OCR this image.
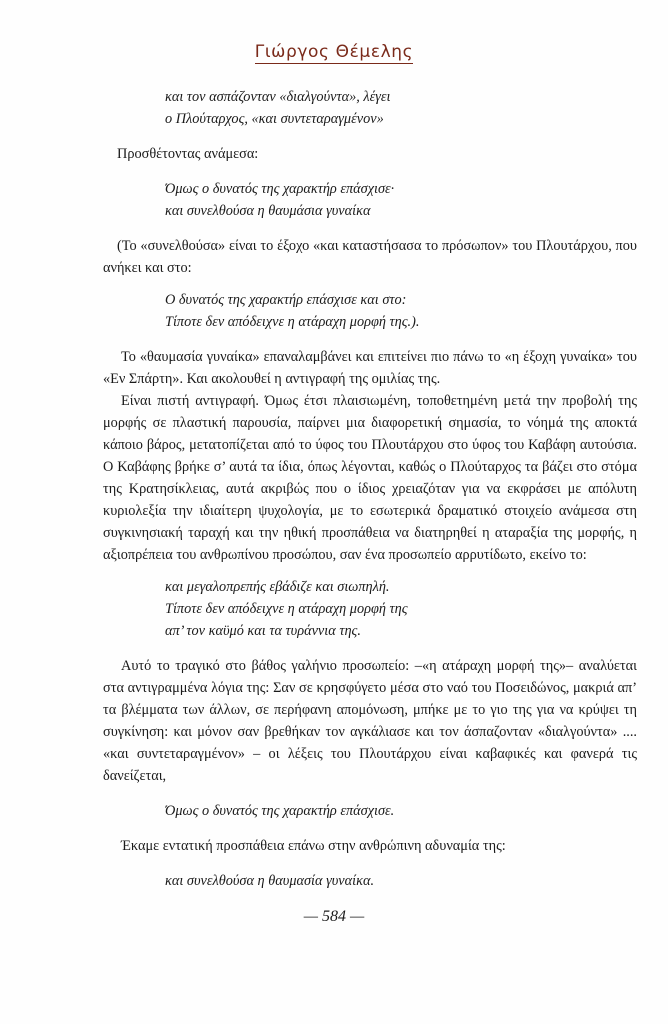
Γιώργος Θέμελης

και τον ασπάζονταν «διαλγούντα», λέγει

ο Πλούταρχος, «και συντεταραγμένον»

Προσθέτοντας ανάμεσα:

Όμως ο δυνατός της χαρακτήρ επάσχισε·

και συνελθούσα η θαυμάσια γυναίκα

(Το «συνελθούσα» είναι το έξοχο «και καταστήσασα το πρόσωπον» του Πλουτάρχου, που ανήκει και στο:

Ο δυνατός της χαρακτήρ επάσχισε και στο:

Τίποτε δεν απόδειχνε η ατάραχη μορφή της.).

Το «θαυμασία γυναίκα» επαναλαμβάνει και επιτείνει πιο πάνω το «η έξοχη γυναίκα» του «Εν Σπάρτη». Και ακολουθεί η αντιγραφή της ομιλίας της.

Είναι πιστή αντιγραφή. Όμως έτσι πλαισιωμένη, τοποθετημένη μετά την προβολή της μορφής σε πλαστική παρουσία, παίρνει μια διαφορετική σημασία, το νόημά της αποκτά κάποιο βάρος, μετατοπίζεται από το ύφος του Πλουτάρχου στο ύφος του Καβάφη αυτούσια. Ο Καβάφης βρήκε σ’ αυτά τα ίδια, όπως λέγονται, καθώς ο Πλούταρχος τα βάζει στο στόμα της Κρατησίκλειας, αυτά ακριβώς που ο ίδιος χρειαζόταν για να εκφράσει με απόλυτη κυριολεξία την ιδιαίτερη ψυχολογία, με το εσωτερικά δραματικό στοιχείο ανάμεσα στη συγκινησιακή ταραχή και την ηθική προσπάθεια να διατηρηθεί η αταραξία της μορφής, η αξιοπρέπεια του ανθρωπίνου προσώπου, σαν ένα προσωπείο αρρυτίδωτο, εκείνο το:

και μεγαλοπρεπής εβάδιζε και σιωπηλή.

Τίποτε δεν απόδειχνε η ατάραχη μορφή της

απ’ τον καϋμό και τα τυράννια της.

Αυτό το τραγικό στο βάθος γαλήνιο προσωπείο: –«η ατάραχη μορφή της»– αναλύεται στα αντιγραμμένα λόγια της: Σαν σε κρησφύγετο μέσα στο ναό του Ποσειδώνος, μακριά απ’ τα βλέμματα των άλλων, σε περήφανη απομόνωση, μπήκε με το γιο της για να κρύψει τη συγκίνηση: και μόνον σαν βρεθήκαν τον αγκάλιασε και τον άσπαζονταν «διαλγούντα» .... «και συντεταραγμένον» – οι λέξεις του Πλουτάρχου είναι καβαφικές και φανερά τις δανείζεται,

Όμως ο δυνατός της χαρακτήρ επάσχισε.

Έκαμε εντατική προσπάθεια επάνω στην ανθρώπινη αδυναμία της:

και συνελθούσα η θαυμασία γυναίκα.

— 584 —
